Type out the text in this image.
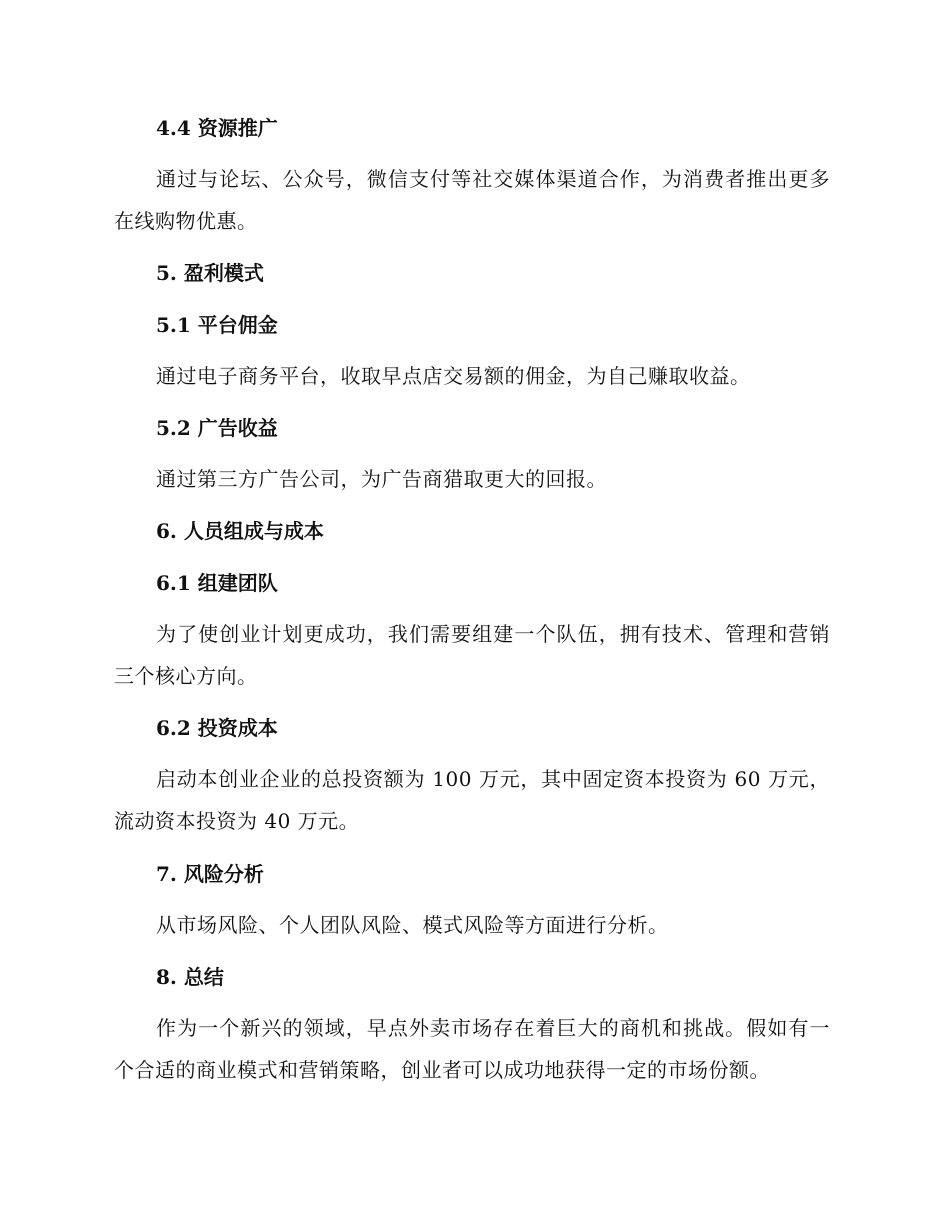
4.4 资源推广
通过与论坛、公众号，微信支付等社交媒体渠道合作，为消费者推出更多在线购物优惠。
5. 盈利模式
5.1 平台佣金
通过电子商务平台，收取早点店交易额的佣金，为自己赚取收益。
5.2 广告收益
通过第三方广告公司，为广告商猎取更大的回报。
6. 人员组成与成本
6.1 组建团队
为了使创业计划更成功，我们需要组建一个队伍，拥有技术、管理和营销三个核心方向。
6.2 投资成本
启动本创业企业的总投资额为 100 万元，其中固定资本投资为 60 万元，流动资本投资为 40 万元。
7. 风险分析
从市场风险、个人团队风险、模式风险等方面进行分析。
8. 总结
作为一个新兴的领域，早点外卖市场存在着巨大的商机和挑战。假如有一个合适的商业模式和营销策略，创业者可以成功地获得一定的市场份额。
